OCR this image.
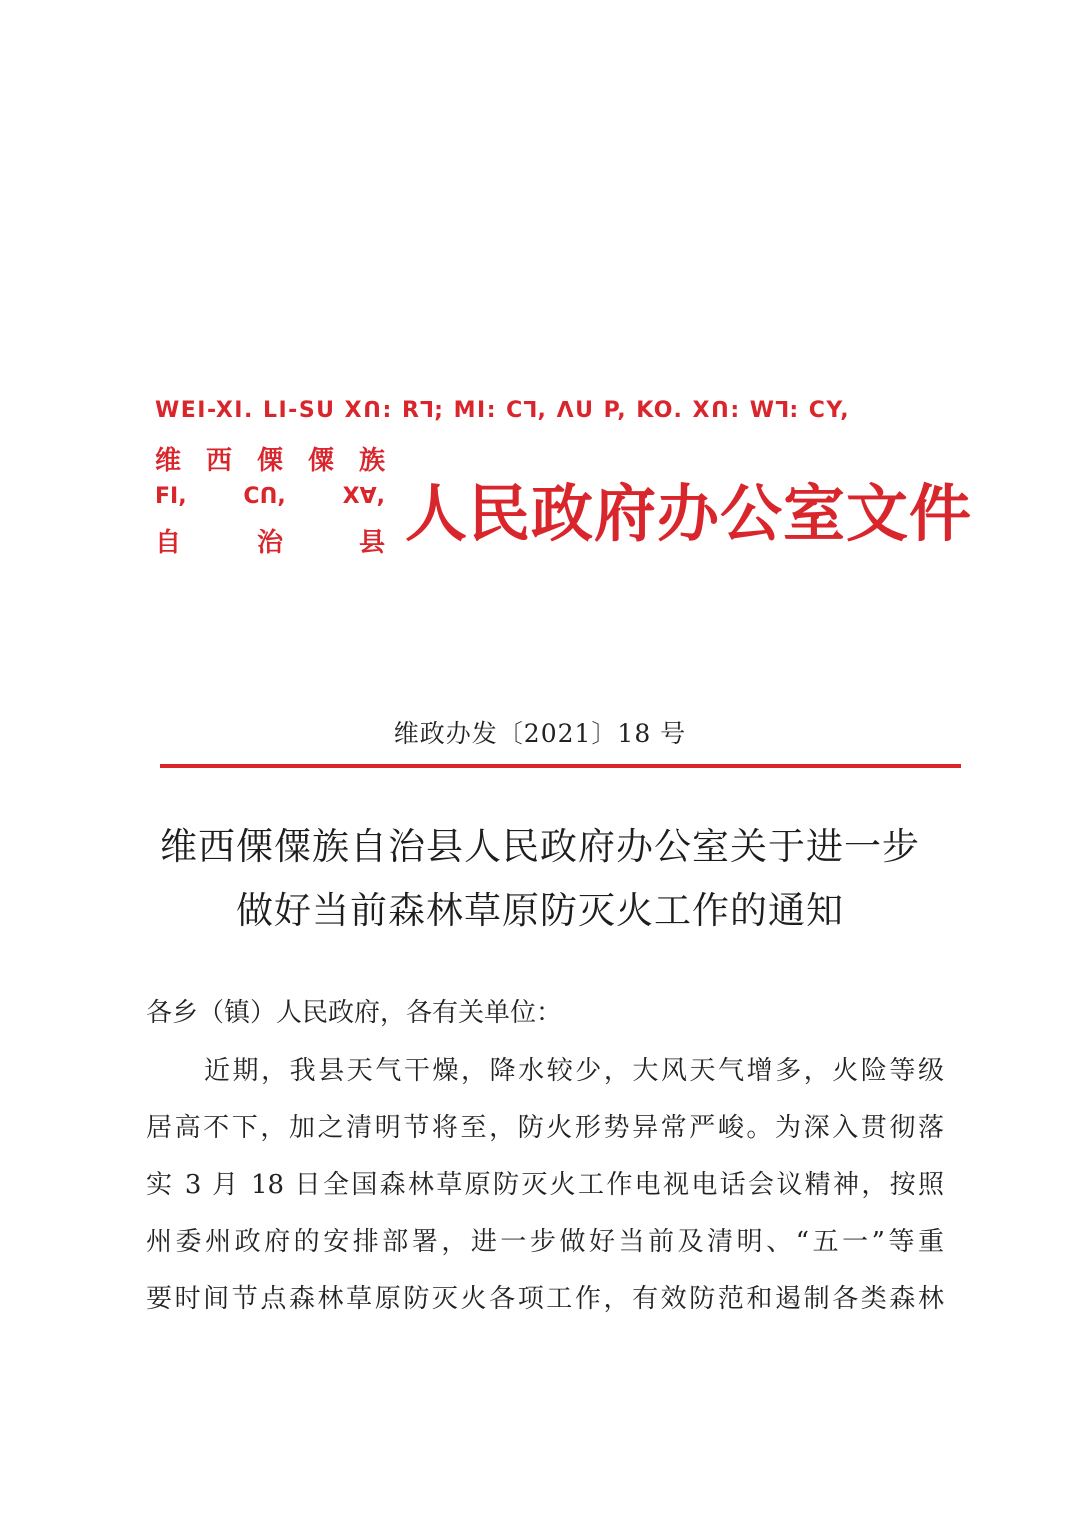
WEI-XI. LI-SU Xꓵ: Rꓶ; MI: Cꓶ, ꓥU P, KO. Xꓵ: Wꓶ: CY,
维 西 傈 僳 族
FI,	Cꓵ,	Xꓯ,
自	治	县 人民政府办公室文件
维政办发〔2021〕18 号
维西傈僳族自治县人民政府办公室关于进一步
做好当前森林草原防灭火工作的通知
各乡（镇）人民政府，各有关单位：
近期，我县天气干燥，降水较少，大风天气增多，火险等级
居高不下，加之清明节将至，防火形势异常严峻。为深入贯彻落
实 3 月 18 日全国森林草原防灭火工作电视电话会议精神，按照
州委州政府的安排部署，进一步做好当前及清明、“五一”等重
要时间节点森林草原防灭火各项工作，有效防范和遏制各类森林
